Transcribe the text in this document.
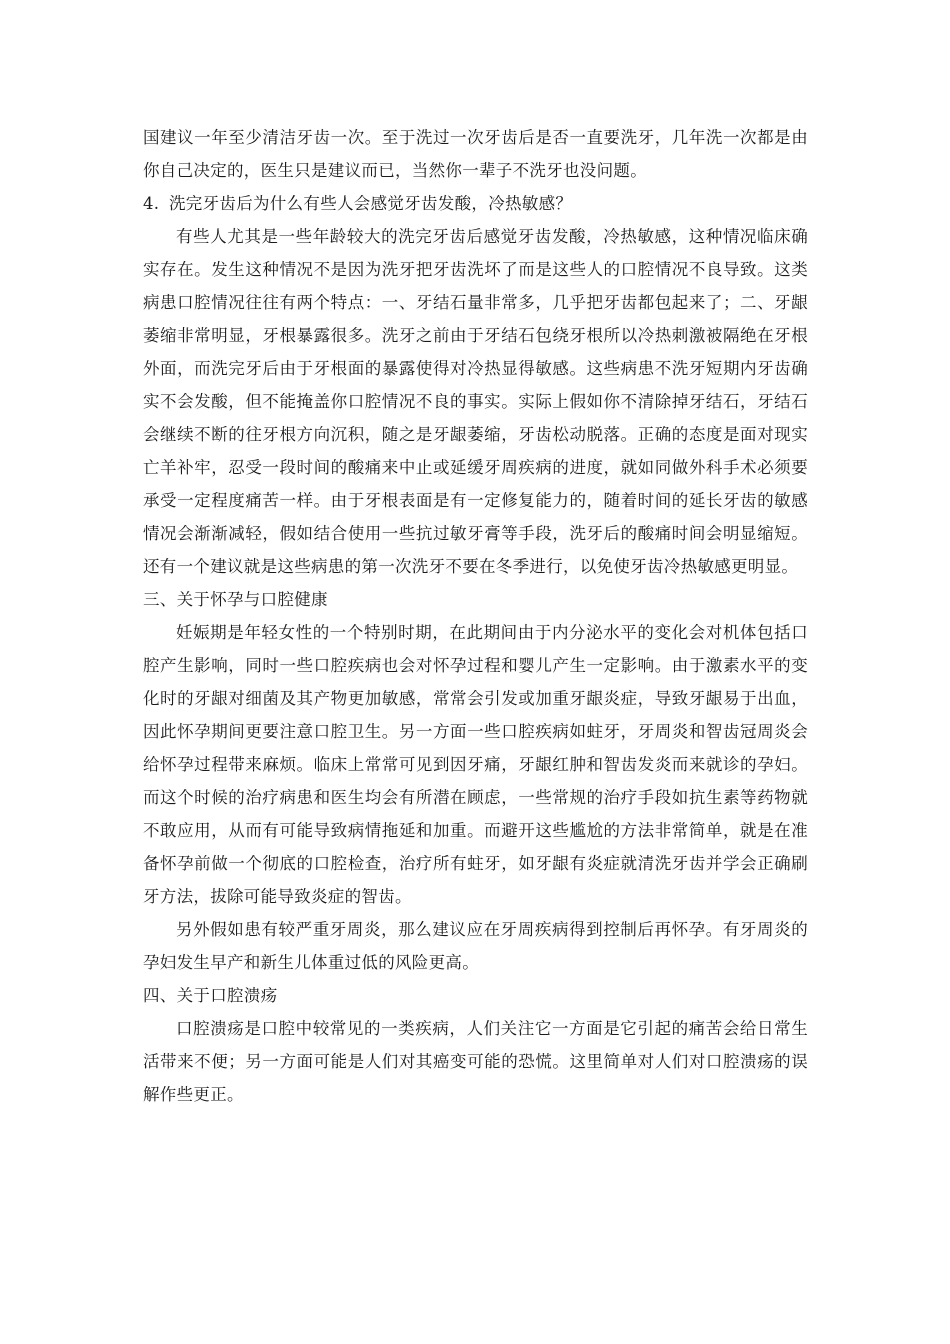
国建议一年至少清洁牙齿一次。至于洗过一次牙齿后是否一直要洗牙，几年洗一次都是由你自己决定的，医生只是建议而已，当然你一辈子不洗牙也没问题。

4. 洗完牙齿后为什么有些人会感觉牙齿发酸，冷热敏感？

有些人尤其是一些年龄较大的洗完牙齿后感觉牙齿发酸，冷热敏感，这种情况临床确实存在。发生这种情况不是因为洗牙把牙齿洗坏了而是这些人的口腔情况不良导致。这类病患口腔情况往往有两个特点：一、牙结石量非常多，几乎把牙齿都包起来了；二、牙龈萎缩非常明显，牙根暴露很多。洗牙之前由于牙结石包绕牙根所以冷热刺激被隔绝在牙根外面，而洗完牙后由于牙根面的暴露使得对冷热显得敏感。这些病患不洗牙短期内牙齿确实不会发酸，但不能掩盖你口腔情况不良的事实。实际上假如你不清除掉牙结石，牙结石会继续不断的往牙根方向沉积，随之是牙龈萎缩，牙齿松动脱落。正确的态度是面对现实亡羊补牢，忍受一段时间的酸痛来中止或延缓牙周疾病的进度，就如同做外科手术必须要承受一定程度痛苦一样。由于牙根表面是有一定修复能力的，随着时间的延长牙齿的敏感情况会渐渐减轻，假如结合使用一些抗过敏牙膏等手段，洗牙后的酸痛时间会明显缩短。还有一个建议就是这些病患的第一次洗牙不要在冬季进行，以免使牙齿冷热敏感更明显。

三、关于怀孕与口腔健康

妊娠期是年轻女性的一个特别时期，在此期间由于内分泌水平的变化会对机体包括口腔产生影响，同时一些口腔疾病也会对怀孕过程和婴儿产生一定影响。由于激素水平的变化时的牙龈对细菌及其产物更加敏感，常常会引发或加重牙龈炎症，导致牙龈易于出血，因此怀孕期间更要注意口腔卫生。另一方面一些口腔疾病如蛀牙，牙周炎和智齿冠周炎会给怀孕过程带来麻烦。临床上常常可见到因牙痛，牙龈红肿和智齿发炎而来就诊的孕妇。而这个时候的治疗病患和医生均会有所潜在顾虑，一些常规的治疗手段如抗生素等药物就不敢应用，从而有可能导致病情拖延和加重。而避开这些尴尬的方法非常简单，就是在准备怀孕前做一个彻底的口腔检查，治疗所有蛀牙，如牙龈有炎症就清洗牙齿并学会正确刷牙方法，拔除可能导致炎症的智齿。

另外假如患有较严重牙周炎，那么建议应在牙周疾病得到控制后再怀孕。有牙周炎的孕妇发生早产和新生儿体重过低的风险更高。

四、关于口腔溃疡

口腔溃疡是口腔中较常见的一类疾病，人们关注它一方面是它引起的痛苦会给日常生活带来不便；另一方面可能是人们对其癌变可能的恐慌。这里简单对人们对口腔溃疡的误解作些更正。
